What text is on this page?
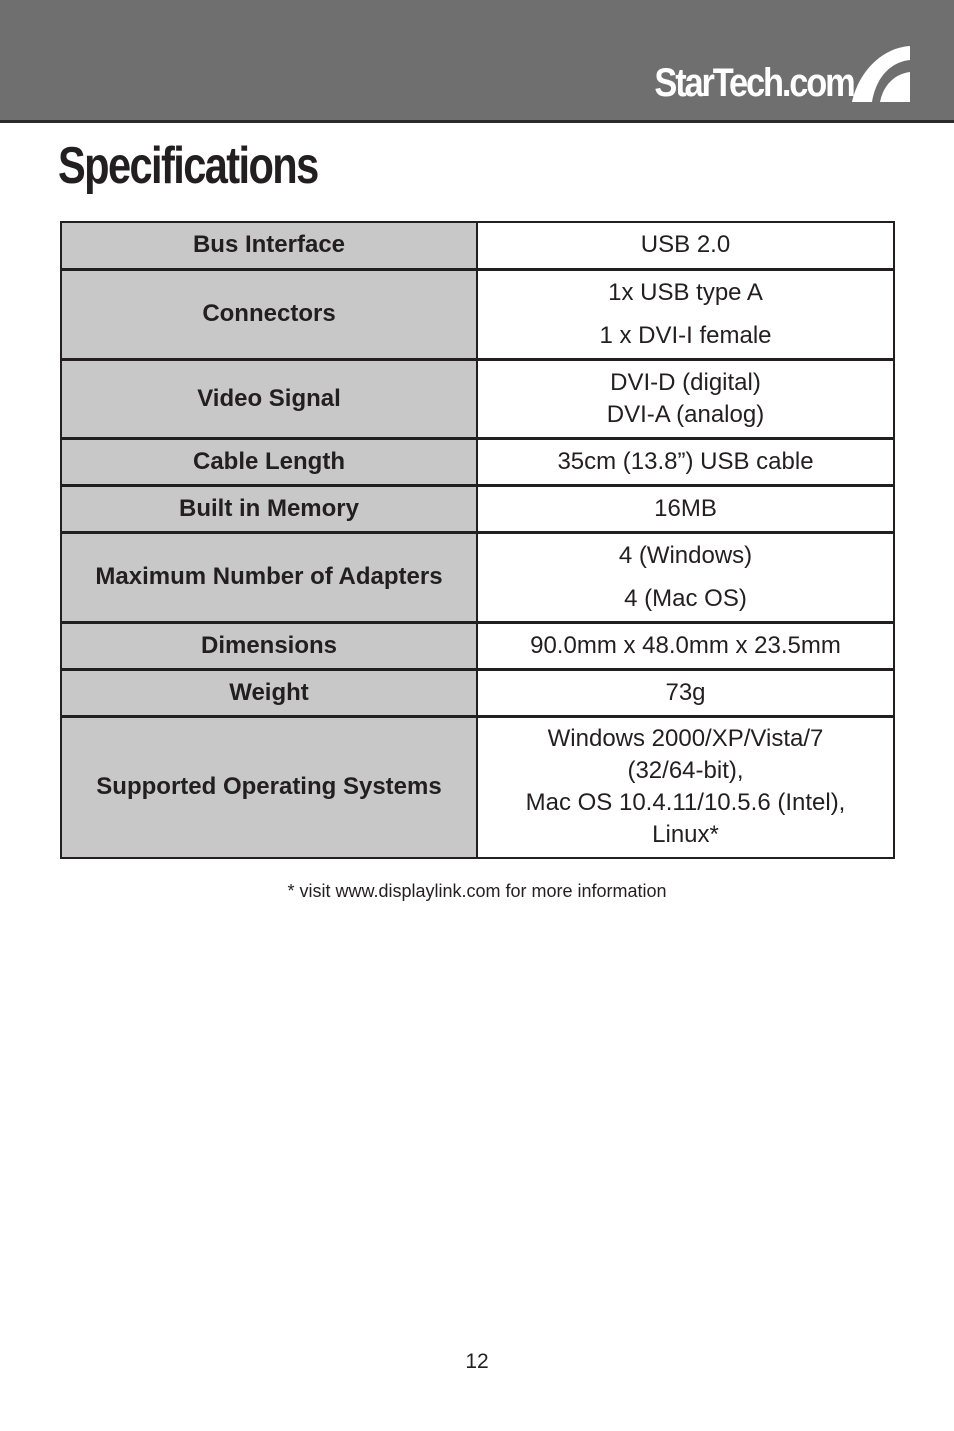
StarTech.com
Specifications
Bus Interface	USB 2.0

Connectors	1x USB type A
1 x DVI-I female

Video Signal	DVI-D (digital)
DVI-A (analog)

Cable Length	35cm (13.8”) USB cable

Built in Memory	16MB

Maximum Number of Adapters	4 (Windows)
4 (Mac OS)

Dimensions	90.0mm x 48.0mm x 23.5mm

Weight	73g

Supported Operating Systems	Windows 2000/XP/Vista/7
(32/64-bit),
Mac OS 10.4.11/10.5.6 (Intel),
Linux*
* visit www.displaylink.com for more information
12
